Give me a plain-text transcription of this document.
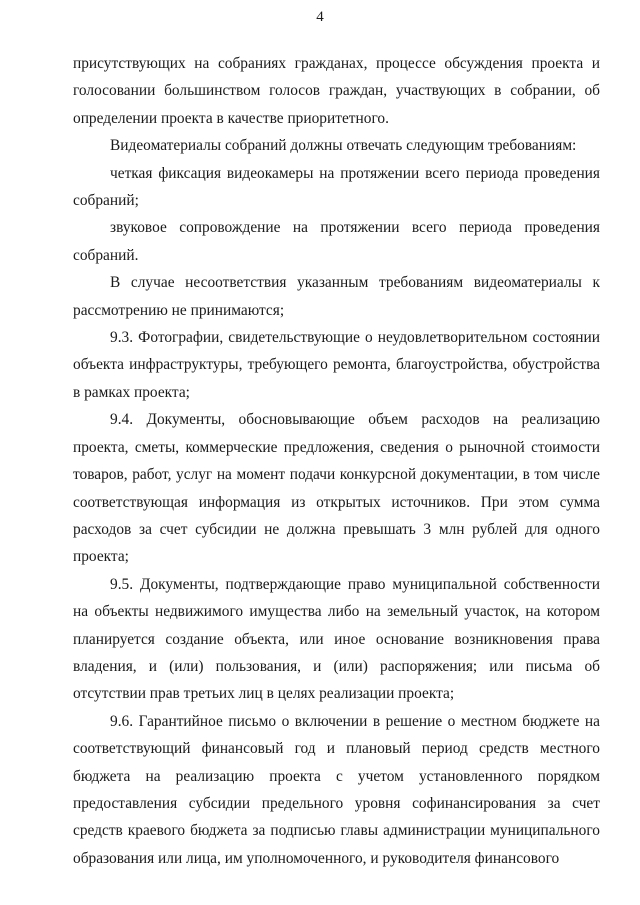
4

присутствующих на собраниях гражданах, процессе обсуждения проекта и голосовании большинством голосов граждан, участвующих в собрании, об определении проекта в качестве приоритетного.

Видеоматериалы собраний должны отвечать следующим требованиям:

четкая фиксация видеокамеры на протяжении всего периода проведения собраний;

звуковое сопровождение на протяжении всего периода проведения собраний.

В случае несоответствия указанным требованиям видеоматериалы к рассмотрению не принимаются;

9.3. Фотографии, свидетельствующие о неудовлетворительном состоянии объекта инфраструктуры, требующего ремонта, благоустройства, обустройства в рамках проекта;

9.4. Документы, обосновывающие объем расходов на реализацию проекта, сметы, коммерческие предложения, сведения о рыночной стоимости товаров, работ, услуг на момент подачи конкурсной документации, в том числе соответствующая информация из открытых источников. При этом сумма расходов за счет субсидии не должна превышать 3 млн рублей для одного проекта;

9.5. Документы, подтверждающие право муниципальной собственности на объекты недвижимого имущества либо на земельный участок, на котором планируется создание объекта, или иное основание возникновения права владения, и (или) пользования, и (или) распоряжения; или письма об отсутствии прав третьих лиц в целях реализации проекта;

9.6. Гарантийное письмо о включении в решение о местном бюджете на соответствующий финансовый год и плановый период средств местного бюджета на реализацию проекта с учетом установленного порядком предоставления субсидии предельного уровня софинансирования за счет средств краевого бюджета за подписью главы администрации муниципального образования или лица, им уполномоченного, и руководителя финансового
